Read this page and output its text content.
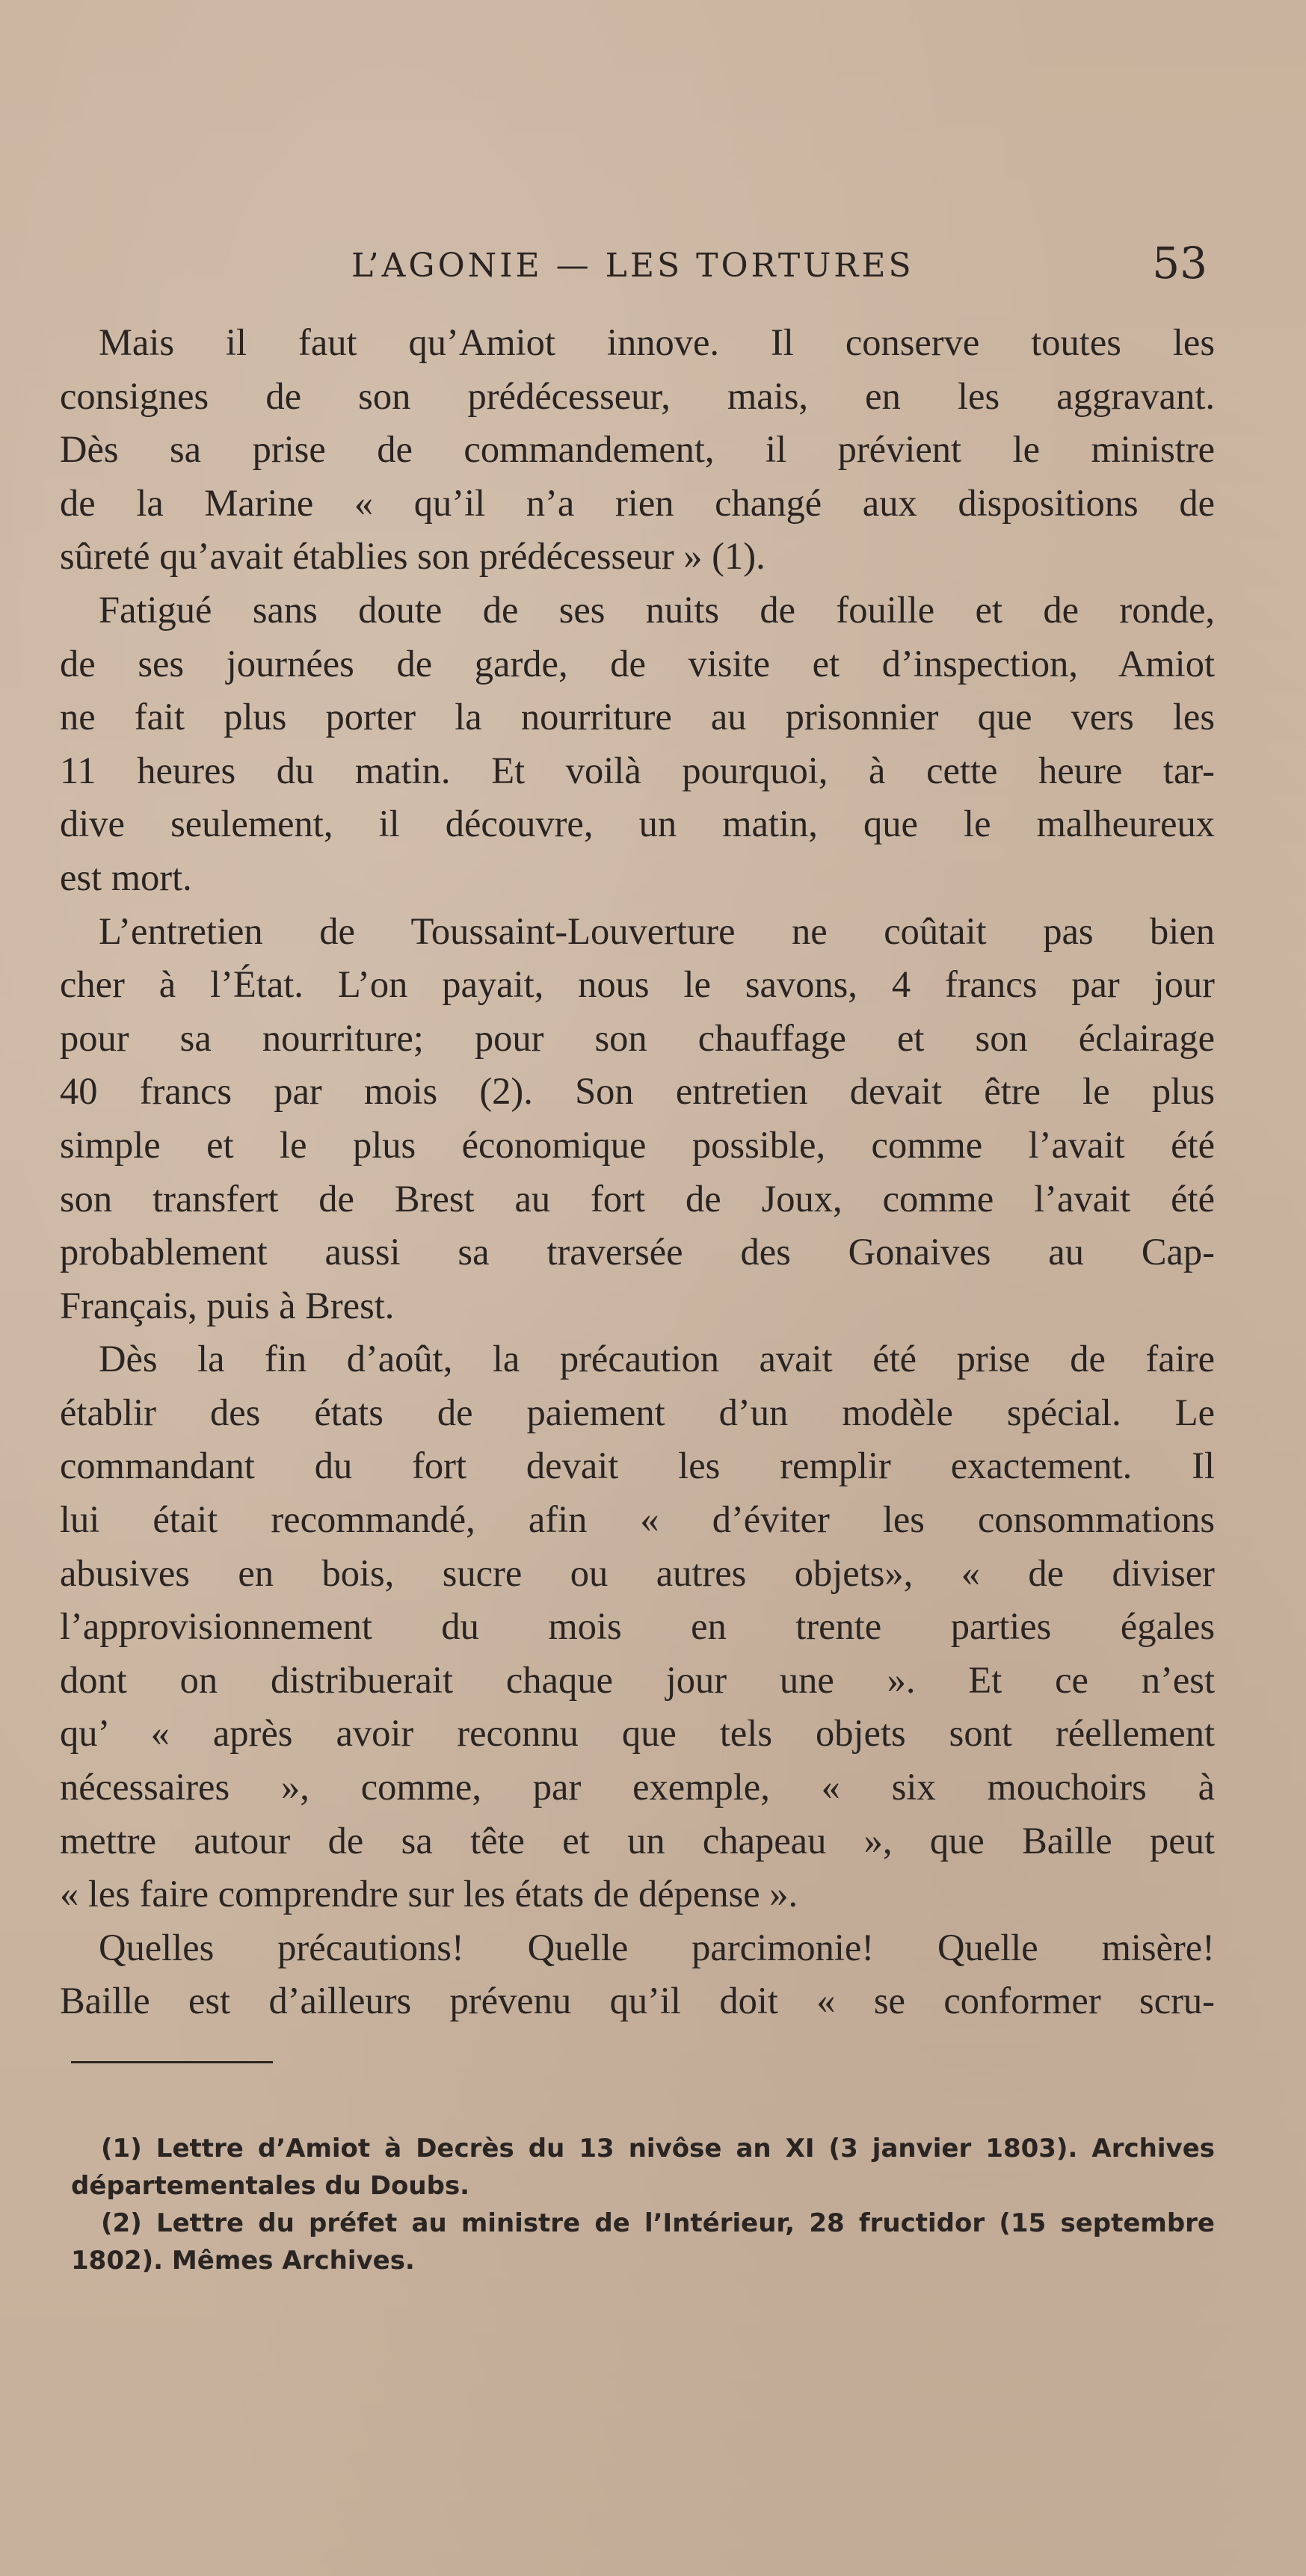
L’AGONIE — LES TORTURES	53
Mais il faut qu’Amiot innove. Il conserve toutes les
consignes de son prédécesseur, mais, en les aggravant.
Dès sa prise de commandement, il prévient le ministre
de la Marine « qu’il n’a rien changé aux dispositions de
sûreté qu’avait établies son prédécesseur » (1).
Fatigué sans doute de ses nuits de fouille et de ronde,
de ses journées de garde, de visite et d’inspection, Amiot
ne fait plus porter la nourriture au prisonnier que vers les
11 heures du matin. Et voilà pourquoi, à cette heure tar-
dive seulement, il découvre, un matin, que le malheureux
est mort.
L’entretien de Toussaint-Louverture ne coûtait pas bien
cher à l’État. L’on payait, nous le savons, 4 francs par jour
pour sa nourriture; pour son chauffage et son éclairage
40 francs par mois (2). Son entretien devait être le plus
simple et le plus économique possible, comme l’avait été
son transfert de Brest au fort de Joux, comme l’avait été
probablement aussi sa traversée des Gonaives au Cap-
Français, puis à Brest.
Dès la fin d’août, la précaution avait été prise de faire
établir des états de paiement d’un modèle spécial. Le
commandant du fort devait les remplir exactement. Il
lui était recommandé, afin « d’éviter les consommations
abusives en bois, sucre ou autres objets», « de diviser
l’approvisionnement du mois en trente parties égales
dont on distribuerait chaque jour une ». Et ce n’est
qu’ « après avoir reconnu que tels objets sont réellement
nécessaires », comme, par exemple, « six mouchoirs à
mettre autour de sa tête et un chapeau », que Baille peut
« les faire comprendre sur les états de dépense ».
Quelles précautions! Quelle parcimonie! Quelle misère!
Baille est d’ailleurs prévenu qu’il doit « se conformer scru-
(1) Lettre d’Amiot à Decrès du 13 nivôse an XI (3 janvier 1803). Archives
départementales du Doubs.
(2) Lettre du préfet au ministre de l’Intérieur, 28 fructidor (15 septembre
1802). Mêmes Archives.
